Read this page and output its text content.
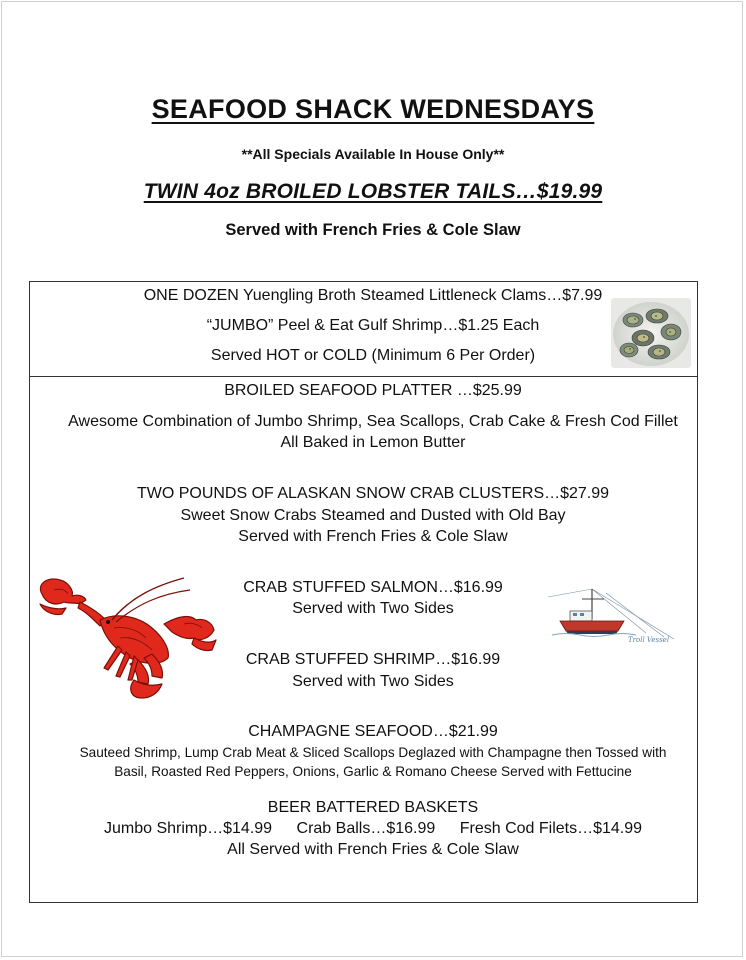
SEAFOOD SHACK WEDNESDAYS
**All Specials Available In House Only**
TWIN 4oz BROILED LOBSTER TAILS…$19.99
Served with French Fries & Cole Slaw
ONE DOZEN Yuengling Broth Steamed Littleneck Clams…$7.99
“JUMBO” Peel & Eat Gulf Shrimp…$1.25 Each
Served HOT or COLD (Minimum 6 Per Order)
BROILED SEAFOOD PLATTER …$25.99
Awesome Combination of Jumbo Shrimp, Sea Scallops, Crab Cake & Fresh Cod Fillet
All Baked in Lemon Butter
TWO POUNDS OF ALASKAN SNOW CRAB CLUSTERS…$27.99
Sweet Snow Crabs Steamed and Dusted with Old Bay
Served with French Fries & Cole Slaw
CRAB STUFFED SALMON…$16.99
Served with Two Sides
CRAB STUFFED SHRIMP…$16.99
Served with Two Sides
CHAMPAGNE SEAFOOD…$21.99
Sauteed Shrimp, Lump Crab Meat & Sliced Scallops Deglazed with Champagne then Tossed with
Basil, Roasted Red Peppers, Onions, Garlic & Romano Cheese Served with Fettucine
BEER BATTERED BASKETS
Jumbo Shrimp…$14.99 Crab Balls…$16.99 Fresh Cod Filets…$14.99
All Served with French Fries & Cole Slaw
Troll Vessel
